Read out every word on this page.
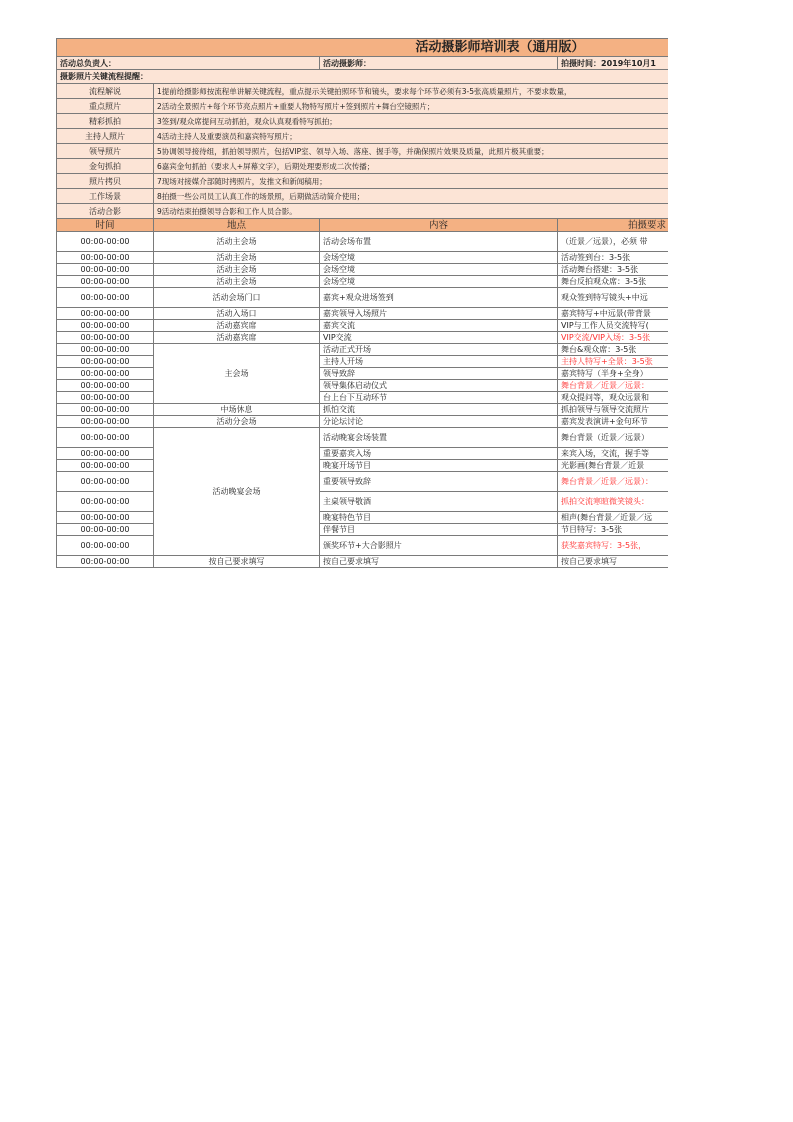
活动摄影师培训表（通用版）			
活动总负责人：		活动摄影师：	拍摄时间：2019年10月1
摄影照片关键流程提醒：			
流程解说	1提前给摄影师按流程单讲解关键流程，重点提示关键拍照环节和镜头，要求每个环节必须有3-5张高质量照片，不要求数量，		
重点照片	2活动全景照片+每个环节亮点照片+重要人物特写照片+签到照片+舞台空镜照片；		
精彩抓拍	3签到/观众席提问互动抓拍，观众认真观看特写抓拍；		
主持人照片	4活动主持人及重要演员和嘉宾特写照片；		
领导照片	5协调领导接待组，抓拍领导照片，包括VIP室、领导入场、落座、握手等，并确保照片效果及质量，此照片极其重要；		
金句抓拍	6嘉宾金句抓拍（要求人+屏幕文字），后期处理要形成二次传播；		
照片拷贝	7现场对接媒介部随时拷照片，发推文和新闻稿用；		
工作场景	8拍摄一些公司员工认真工作的场景照，后期做活动简介使用；		
活动合影	9活动结束拍摄领导合影和工作人员合影。		
时间	地点	内容	拍摄要求
00:00-00:00	活动主会场	活动会场布置	（近景／远景），必须 带
00:00-00:00	活动主会场	会场空境	活动签到台：3-5张
00:00-00:00	活动主会场	会场空境	活动舞台搭建：3-5张
00:00-00:00	活动主会场	会场空境	舞台反拍观众席：3-5张
00:00-00:00	活动会场门口	嘉宾+观众进场签到	观众签到特写镜头+中远
00:00-00:00	活动入场口	嘉宾领导入场照片	嘉宾特写+中远景(带背景
00:00-00:00	活动嘉宾席	嘉宾交流	VIP与工作人员交流特写(
00:00-00:00	活动嘉宾席	VIP交流	VIP交流/VIP入场：3-5张
00:00-00:00	主会场	活动正式开场	舞台&观众席：3-5张
00:00-00:00		主持人开场	主持人特写+全景：3-5张
00:00-00:00		领导致辞	嘉宾特写（半身+全身）
00:00-00:00		领导集体启动仪式	舞台背景／近景／远景：
00:00-00:00		台上台下互动环节	观众提问等，观众远景和
00:00-00:00	中场休息	抓怕交流	抓拍领导与领导交流照片
00:00-00:00	活动分会场	分论坛讨论	嘉宾发表演讲+金句环节
00:00-00:00	活动晚宴会场	活动晚宴会场装置	舞台背景（近景／远景）
00:00-00:00		重要嘉宾入场	来宾入场，交流，握手等
00:00-00:00		晚宴开场节目	光影画(舞台背景／近景
00:00-00:00		重要领导致辞	舞台背景／近景／远景）：
00:00-00:00		主桌领导敬酒	抓拍交流寒暄微笑镜头：
00:00-00:00		晚宴特色节目	相声(舞台背景／近景／远
00:00-00:00		伴餐节目	节目特写：3-5张
00:00-00:00		颁奖环节+大合影照片	获奖嘉宾特写：3-5张，
00:00-00:00	按自己要求填写	按自己要求填写	按自己要求填写
